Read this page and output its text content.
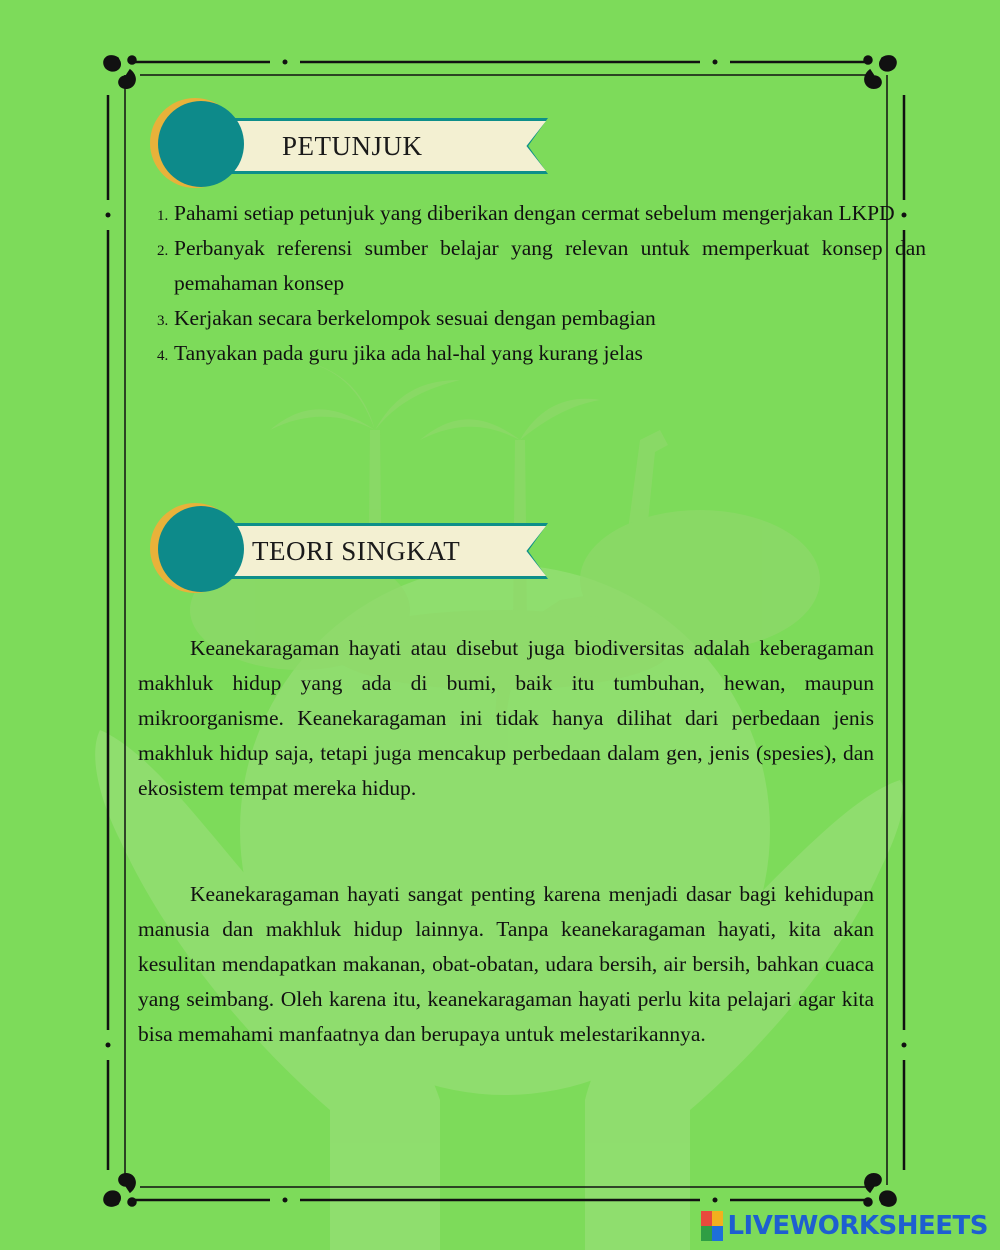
PETUNJUK
1. Pahami setiap petunjuk yang diberikan dengan cermat sebelum mengerjakan LKPD
2. Perbanyak referensi sumber belajar yang relevan untuk memperkuat konsep dan pemahaman konsep
3. Kerjakan secara berkelompok sesuai dengan pembagian
4. Tanyakan pada guru jika ada hal-hal yang kurang jelas
TEORI SINGKAT

Keanekaragaman hayati atau disebut juga biodiversitas adalah keberagaman makhluk hidup yang ada di bumi, baik itu tumbuhan, hewan, maupun mikroorganisme. Keanekaragaman ini tidak hanya dilihat dari perbedaan jenis makhluk hidup saja, tetapi juga mencakup perbedaan dalam gen, jenis (spesies), dan ekosistem tempat mereka hidup.

Keanekaragaman hayati sangat penting karena menjadi dasar bagi kehidupan manusia dan makhluk hidup lainnya. Tanpa keanekaragaman hayati, kita akan kesulitan mendapatkan makanan, obat-obatan, udara bersih, air bersih, bahkan cuaca yang seimbang. Oleh karena itu, keanekaragaman hayati perlu kita pelajari agar kita bisa memahami manfaatnya dan berupaya untuk melestarikannya.

LIVEWORKSHEETS
